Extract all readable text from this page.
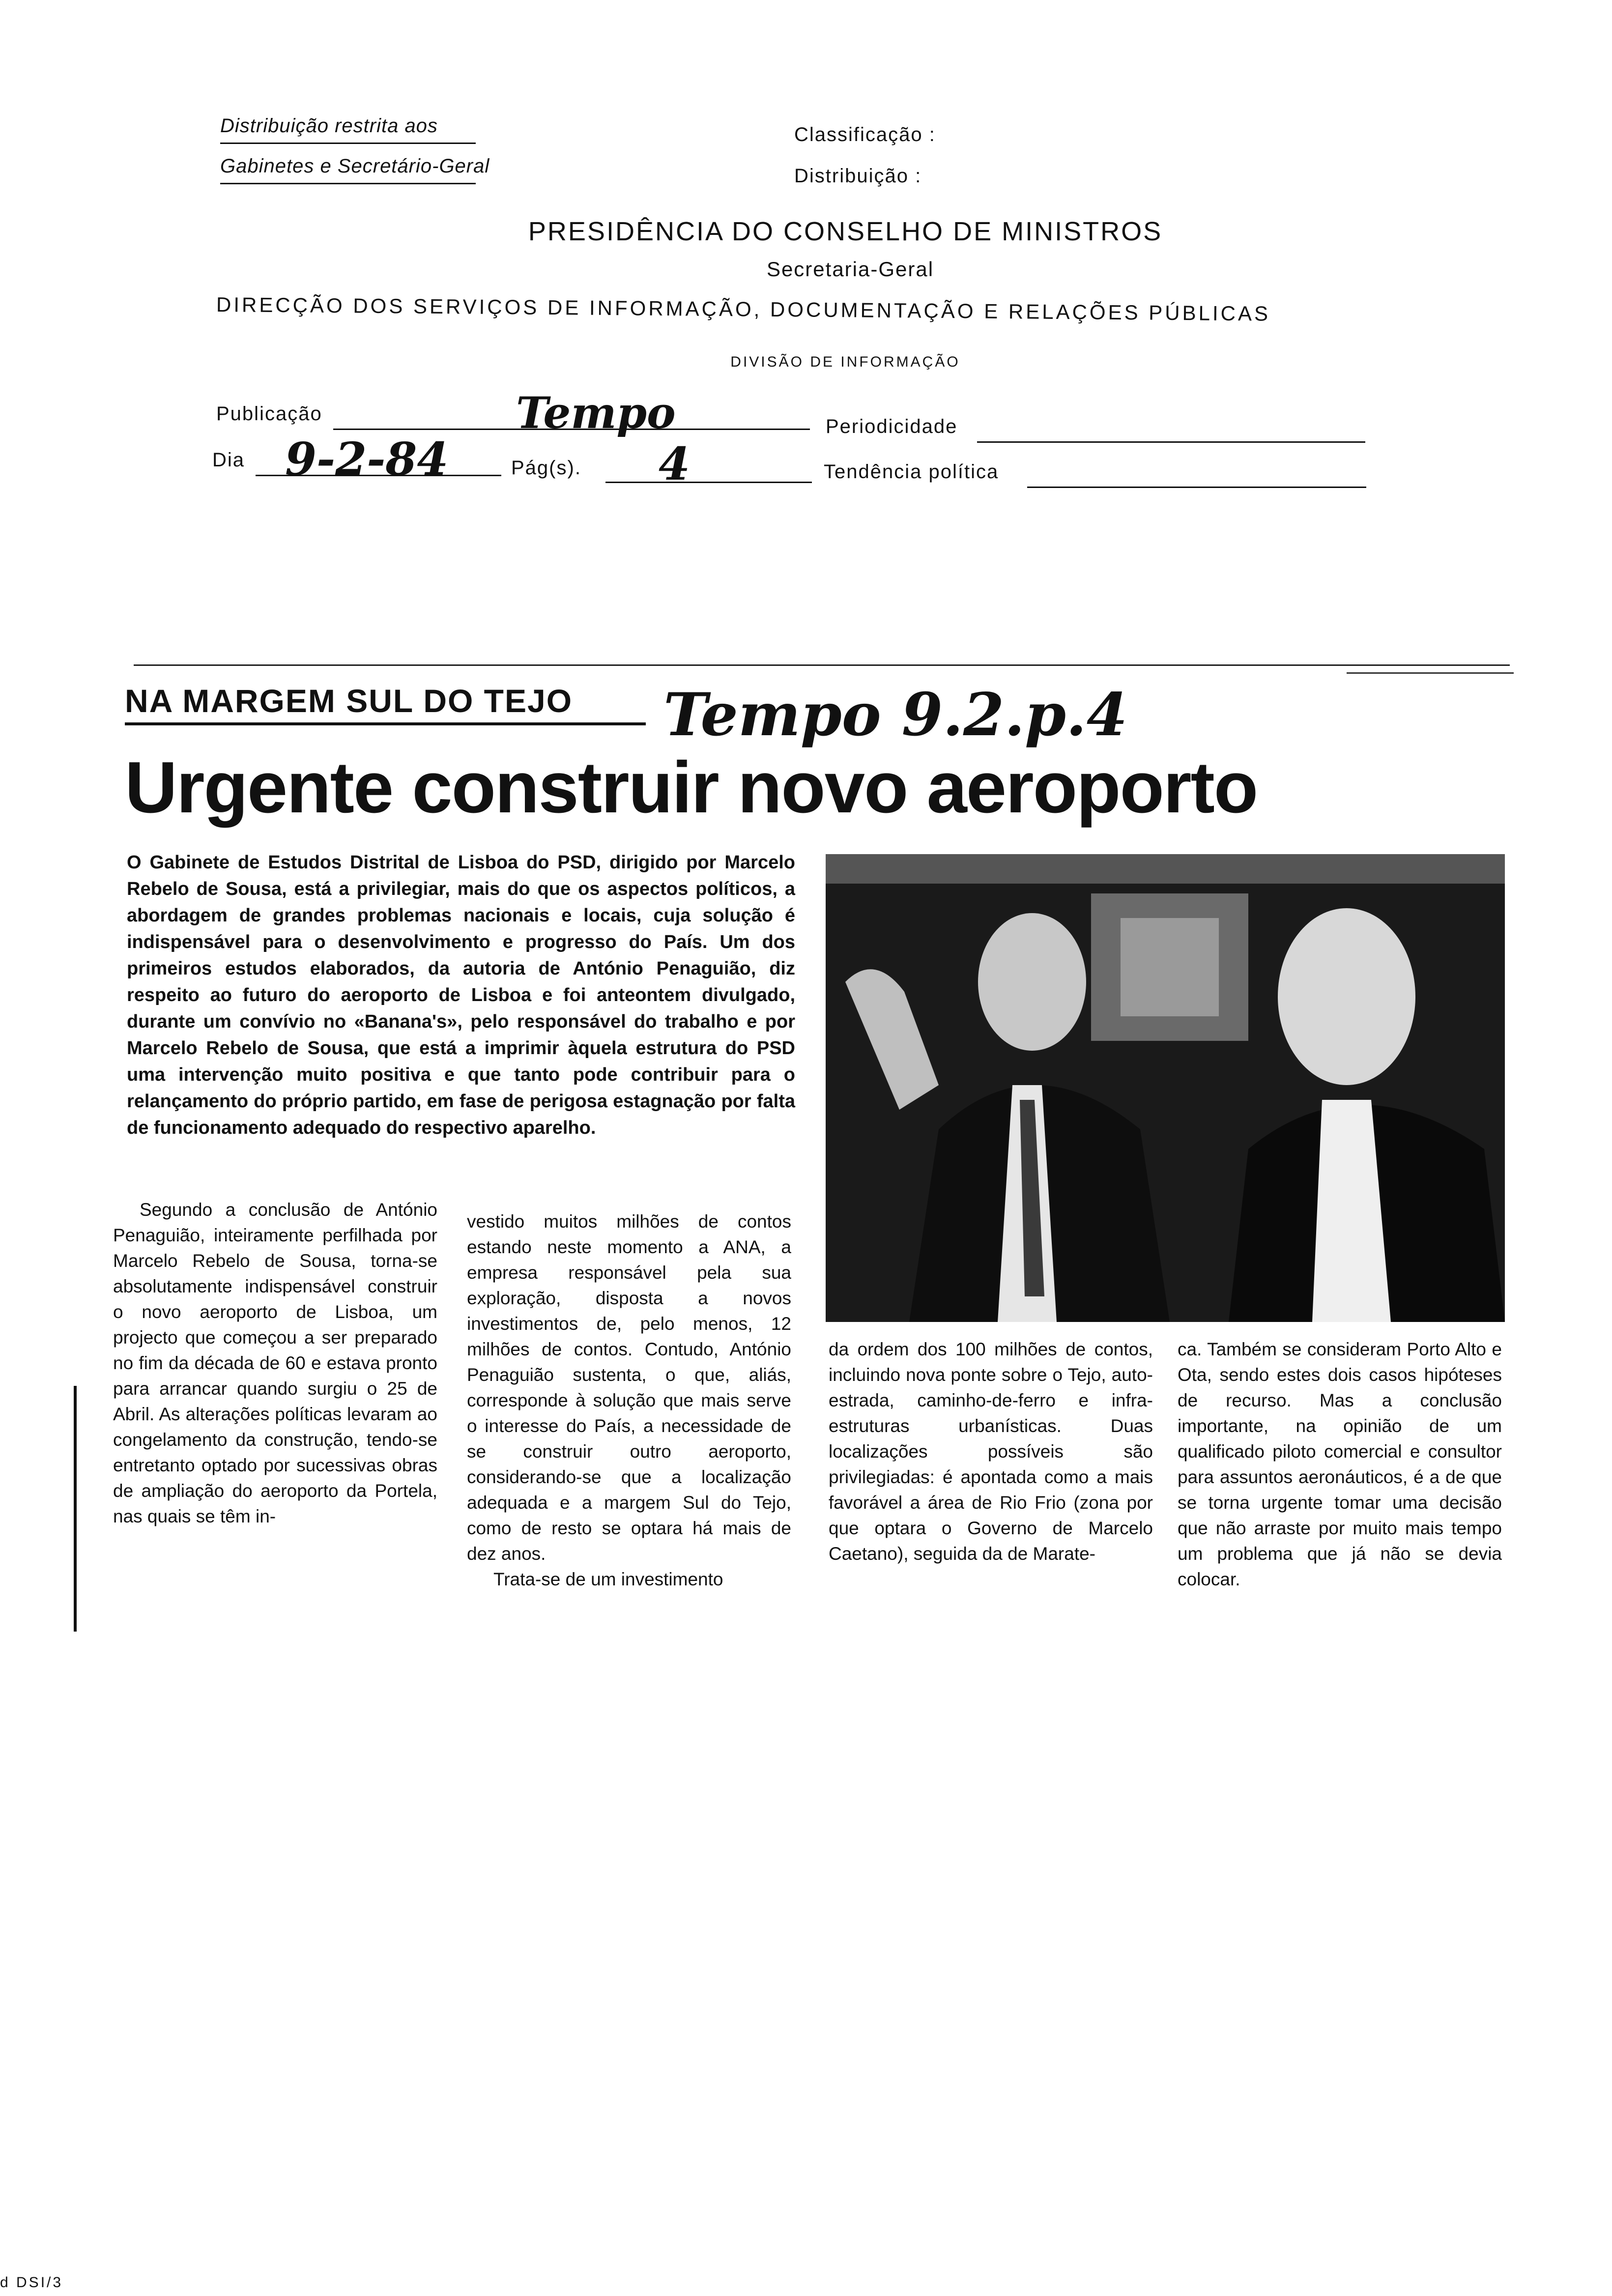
Distribuição restrita aos
Gabinetes e Secretário-Geral
Classificação :
Distribuição :
PRESIDÊNCIA DO CONSELHO DE MINISTROS
Secretaria-Geral
DIRECÇÃO DOS SERVIÇOS DE INFORMAÇÃO, DOCUMENTAÇÃO E RELAÇÕES PÚBLICAS
DIVISÃO DE INFORMAÇÃO
Publicação	Tempo	Periodicidade
Dia 9-2-84	Pág(s). 4	Tendência política
NA MARGEM SUL DO TEJO Tempo 9.2.p.4
Urgente construir novo aeroporto
O Gabinete de Estudos Distrital de Lisboa do PSD, dirigido por Marcelo Rebelo de Sousa, está a privilegiar, mais do que os aspectos políticos, a abordagem de grandes problemas nacionais e locais, cuja solução é indispensável para o desenvolvimento e progresso do País. Um dos primeiros estudos elaborados, da autoria de António Penaguião, diz respeito ao futuro do aeroporto de Lisboa e foi anteontem divulgado, durante um convívio no «Banana's», pelo responsável do trabalho e por Marcelo Rebelo de Sousa, que está a imprimir àquela estrutura do PSD uma intervenção muito positiva e que tanto pode contribuir para o relançamento do próprio partido, em fase de perigosa estagnação por falta de funcionamento adequado do respectivo aparelho.

Segundo a conclusão de António Penaguião, inteiramente perfilhada por Marcelo Rebelo de Sousa, torna-se absolutamente indispensável construir o novo aeroporto de Lisboa, um projecto que começou a ser preparado no fim da década de 60 e estava pronto para arrancar quando surgiu o 25 de Abril. As alterações políticas levaram ao congelamento da construção, tendo-se entretanto optado por sucessivas obras de ampliação do aeroporto da Portela, nas quais se têm in-

vestido muitos milhões de contos estando neste momento a ANA, a empresa responsável pela sua exploração, disposta a novos investimentos de, pelo menos, 12 milhões de contos. Contudo, António Penaguião sustenta, o que, aliás, corresponde à solução que mais serve o interesse do País, a necessidade de se construir outro aeroporto, considerando-se que a localização adequada e a margem Sul do Tejo, como de resto se optara há mais de dez anos.

Trata-se de um investimento

da ordem dos 100 milhões de contos, incluindo nova ponte sobre o Tejo, auto-estrada, caminho-de-ferro e infra-estruturas urbanísticas. Duas localizações possíveis são privilegiadas: é apontada como a mais favorável a área de Rio Frio (zona por que optara o Governo de Marcelo Caetano), seguida da de Marate-

ca. Também se consideram Porto Alto e Ota, sendo estes dois casos hipóteses de recurso. Mas a conclusão importante, na opinião de um qualificado piloto comercial e consultor para assuntos aeronáuticos, é a de que se torna urgente tomar uma decisão que não arraste por muito mais tempo um problema que já não se devia colocar.

d DSI/3
